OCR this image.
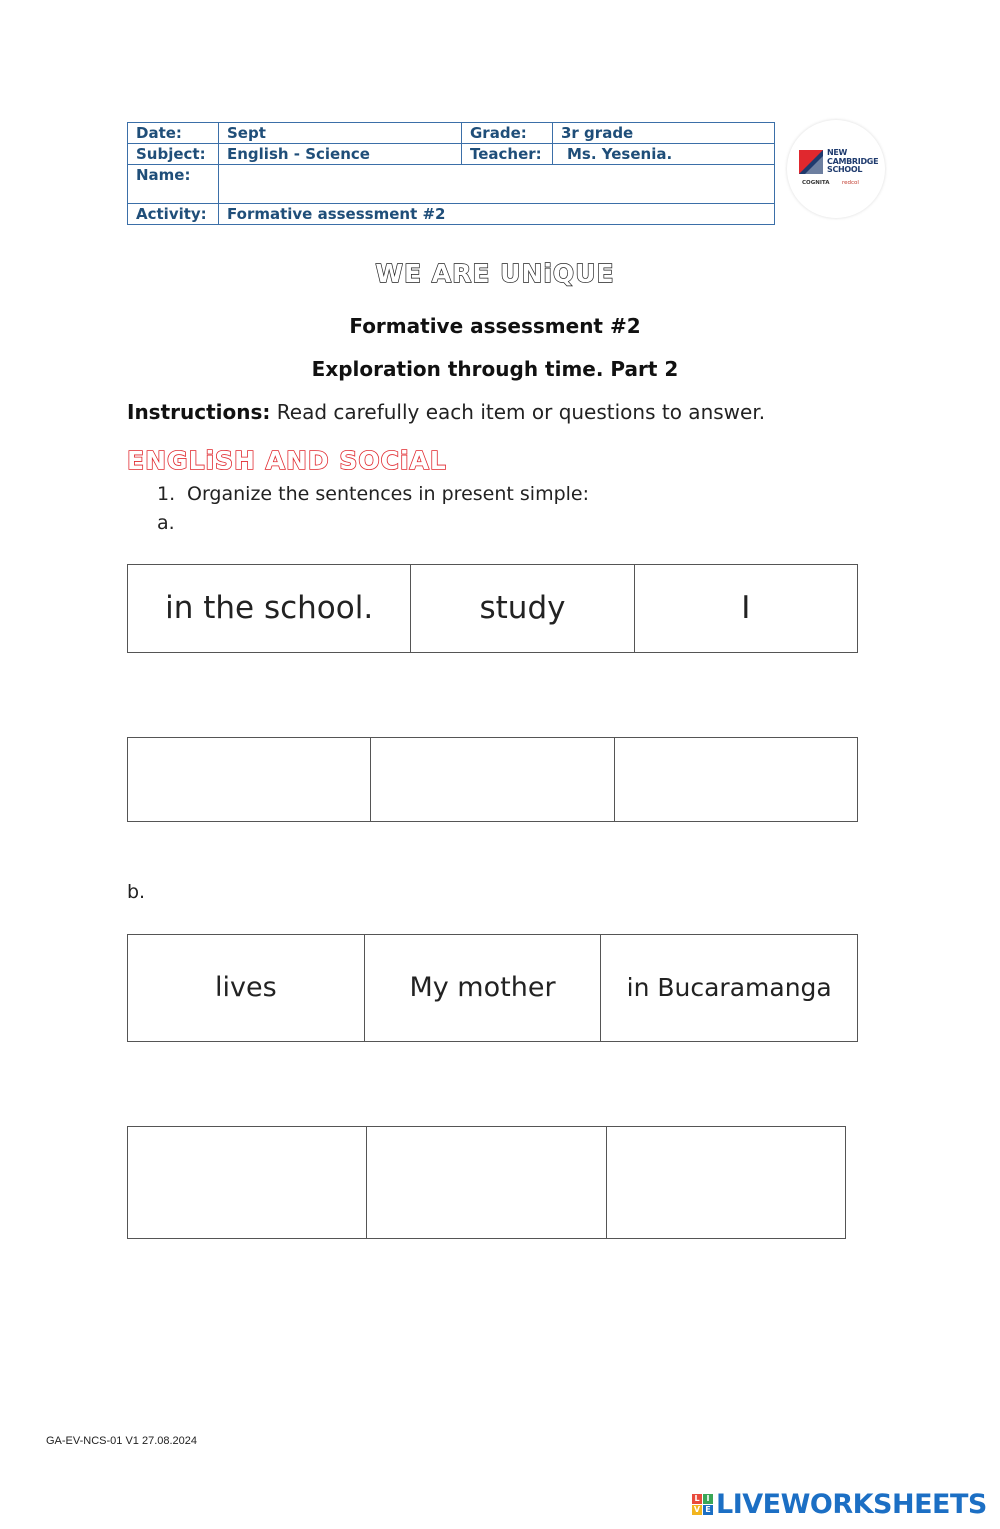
Date:	Sept	Grade:	3r grade
Subject:	English - Science	Teacher:	Ms. Yesenia.
Name:			
Activity:	Formative assessment #2		
NEW
CAMBRIDGE
SCHOOL
COGNITA redcol
WE ARE UNiQUE
Formative assessment #2
Exploration through time. Part 2
Instructions: Read carefully each item or questions to answer.
ENGLiSH AND SOCiAL
1. Organize the sentences in present simple:
a.
in the school.	study	I
b.
lives	My mother	in Bucaramanga
GA-EV-NCS-01 V1 27.08.2024
L I
V E LIVEWORKSHEETS
